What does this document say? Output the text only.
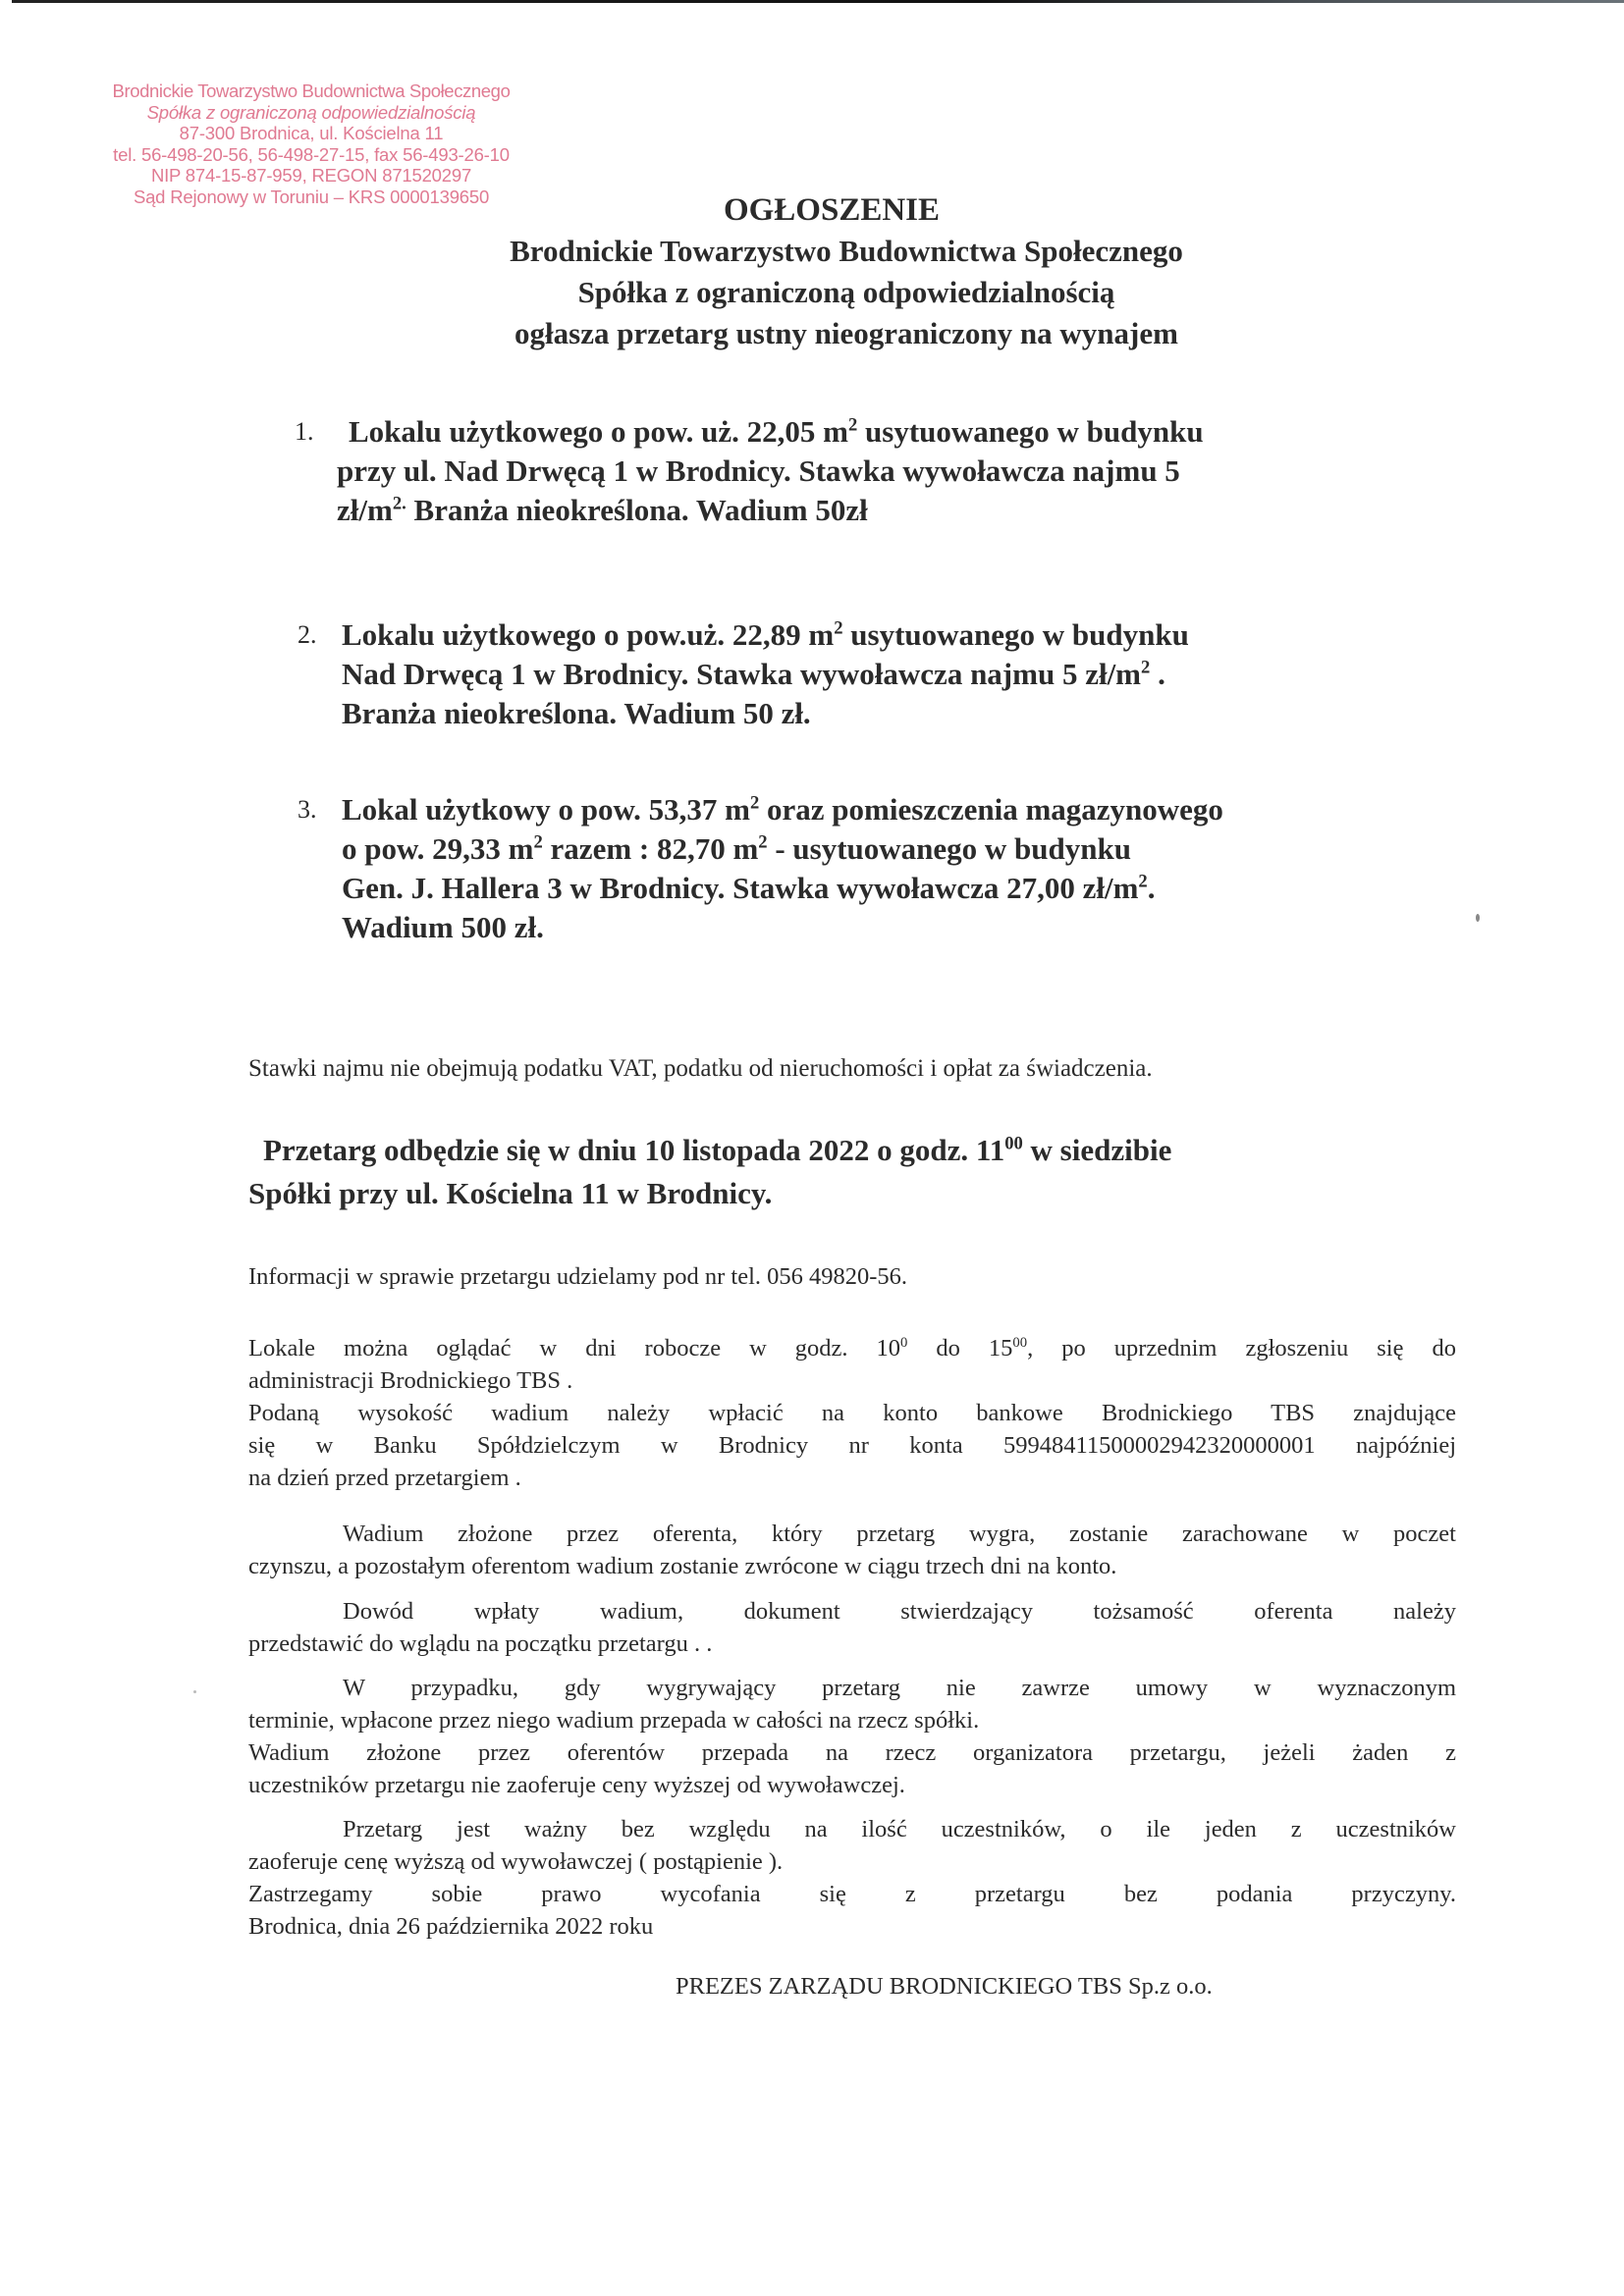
Brodnickie Towarzystwo Budownictwa Społecznego
Spółka z ograniczoną odpowiedzialnością
87-300 Brodnica, ul. Kościelna 11
tel. 56-498-20-56, 56-498-27-15, fax 56-493-26-10
NIP 874-15-87-959, REGON 871520297
Sąd Rejonowy w Toruniu – KRS 0000139650	OGŁOSZENIE
Brodnickie Towarzystwo Budownictwa Społecznego
Spółka z ograniczoną odpowiedzialnością
ogłasza przetarg ustny nieograniczony na wynajem
1. Lokalu użytkowego o pow. uż. 22,05 $m^2$ usytuowanego w budynku
przy ul. Nad Drwęcą 1 w Brodnicy. Stawka wywoławcza najmu 5
$zł/m^{2.}$ Branża nieokreślona. Wadium 50zł
2. Lokalu użytkowego o pow.uż. 22,89 $m^2$ usytuowanego w budynku
Nad Drwęcą 1 w Brodnicy. Stawka wywoławcza najmu 5 $zł/m^2$ .
Branża nieokreślona. Wadium 50 zł.
3. Lokal użytkowy o pow. 53,37 $m^2$ oraz pomieszczenia magazynowego
o pow. 29,33 $m^2$ razem : 82,70 $m^2$ - usytuowanego w budynku
Gen. J. Hallera 3 w Brodnicy. Stawka wywoławcza 27,00 $zł/m^2$.
Wadium 500 zł.
Stawki najmu nie obejmują podatku VAT, podatku od nieruchomości i opłat za świadczenia.
Przetarg odbędzie się w dniu 10 listopada 2022 o godz. $11^{00}$ w siedzibie
Spółki przy ul. Kościelna 11 w Brodnicy.
Informacji w sprawie przetargu udzielamy pod nr tel. 056 49820-56.
Lokale można oglądać w dni robocze w godz. $10^0$ do $15^{00}$, po uprzednim zgłoszeniu się do
administracji Brodnickiego TBS .
Podaną wysokość wadium należy wpłacić na konto bankowe Brodnickiego TBS znajdujące
się w Banku Spółdzielczym w Brodnicy nr konta 59948411500002942320000001 najpóźniej
na dzień przed przetargiem .
Wadium złożone przez oferenta, który przetarg wygra, zostanie zarachowane w poczet
czynszu, a pozostałym oferentom wadium zostanie zwrócone w ciągu trzech dni na konto.
Dowód wpłaty wadium, dokument stwierdzający tożsamość oferenta należy
przedstawić do wglądu na początku przetargu . .
W przypadku, gdy wygrywający przetarg nie zawrze umowy w wyznaczonym
terminie, wpłacone przez niego wadium przepada w całości na rzecz spółki.
Wadium złożone przez oferentów przepada na rzecz organizatora przetargu, jeżeli żaden z
uczestników przetargu nie zaoferuje ceny wyższej od wywoławczej.
Przetarg jest ważny bez względu na ilość uczestników, o ile jeden z uczestników
zaoferuje cenę wyższą od wywoławczej ( postąpienie ).
Zastrzegamy sobie prawo wycofania się z przetargu bez podania przyczyny.
Brodnica, dnia 26 października 2022 roku
PREZES ZARZĄDU BRODNICKIEGO TBS Sp.z o.o.
